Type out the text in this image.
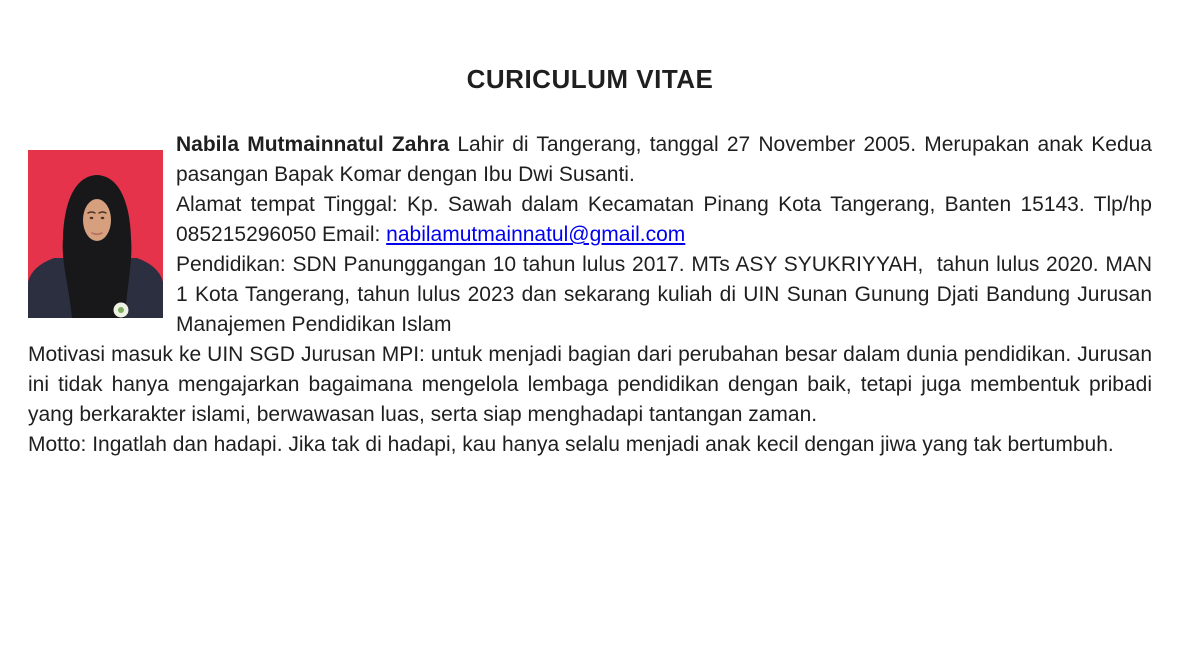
CURICULUM VITAE

Nabila Mutmainnatul Zahra Lahir di Tangerang, tanggal 27 November 2005. Merupakan anak Kedua pasangan Bapak Komar dengan Ibu Dwi Susanti.

Alamat tempat Tinggal: Kp. Sawah dalam Kecamatan Pinang Kota Tangerang, Banten 15143. Tlp/hp 085215296050 Email: nabilamutmainnatul@gmail.com

Pendidikan: SDN Panunggangan 10 tahun lulus 2017. MTs ASY SYUKRIYYAH,  tahun lulus 2020. MAN 1 Kota Tangerang, tahun lulus 2023 dan sekarang kuliah di UIN Sunan Gunung Djati Bandung Jurusan Manajemen Pendidikan Islam

Motivasi masuk ke UIN SGD Jurusan MPI: untuk menjadi bagian dari perubahan besar dalam dunia pendidikan. Jurusan ini tidak hanya mengajarkan bagaimana mengelola lembaga pendidikan dengan baik, tetapi juga membentuk pribadi yang berkarakter islami, berwawasan luas, serta siap menghadapi tantangan zaman.

Motto: Ingatlah dan hadapi. Jika tak di hadapi, kau hanya selalu menjadi anak kecil dengan jiwa yang tak bertumbuh.
